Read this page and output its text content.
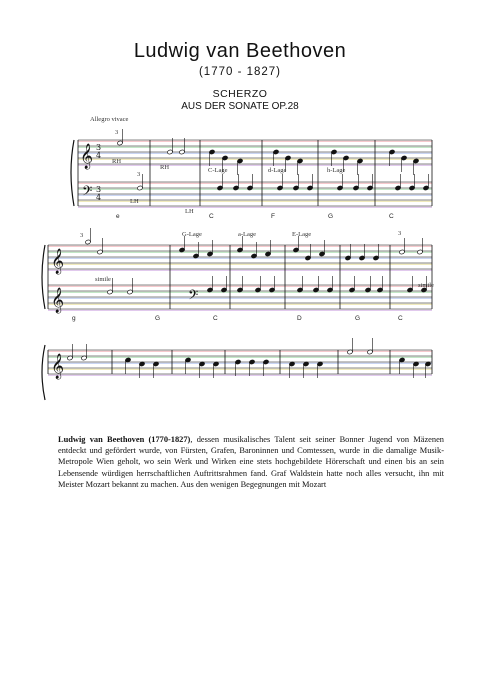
Ludwig van Beethoven
(1770 - 1827)
SCHERZO
AUS DER SONATE OP.28
𝄞
𝄢
𝄞
𝄞
𝄞
𝄢
3
4
3
4
Allegro vivace
3
RH
RH
3
LH
LH
C-Lage	d-Lage	h-Lage
e	C	F	G	C
3	G-Lage	a-Lage	E-Lage	3
simile
simile
g	G	C	D	G	C
Ludwig van Beethoven (1770-1827), dessen musikalisches Talent seit seiner Bonner Jugend von Mäzenen entdeckt und gefördert wurde, von Fürsten, Grafen, Baroninnen und Comtessen, wurde in die damalige Musik-Metropole Wien geholt, wo sein Werk und Wirken eine stets hochgebildete Hörerschaft und einen bis an sein Lebensende würdigen herrschaftlichen Auftrittsrahmen fand. Graf Waldstein hatte noch alles versucht, ihn mit Meister Mozart bekannt zu machen. Aus den wenigen Begegnungen mit Mozart
